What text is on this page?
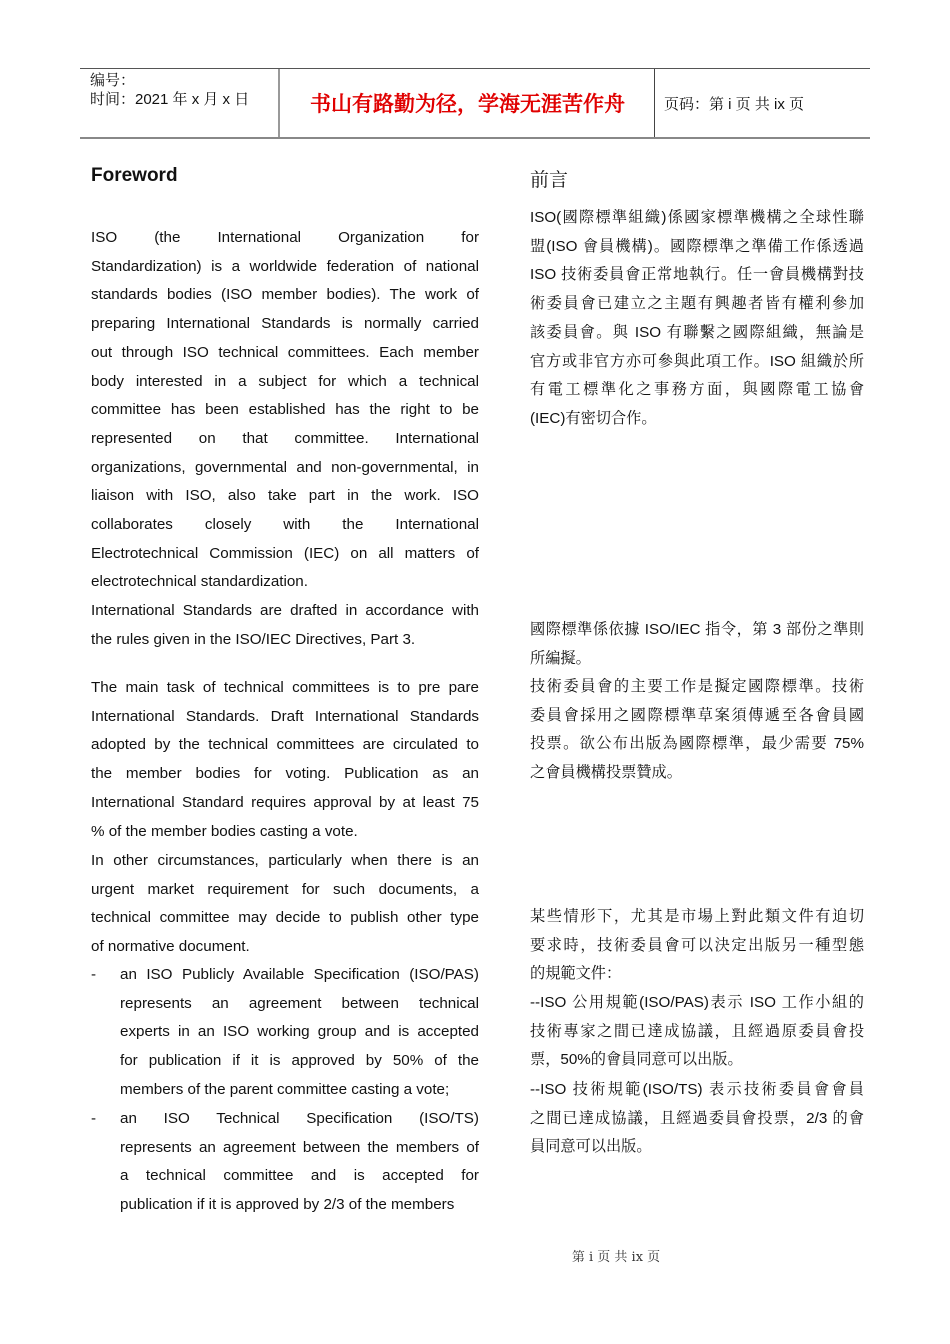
编号：
时间：2021 年 x 月 x 日	书山有路勤为径，学海无涯苦作舟	页码：第 i 页 共 ix 页
Foreword	前言
ISO (the International Organization for
Standardization) is a worldwide federation of national
standards bodies (ISO member bodies). The work of
preparing International Standards is normally carried
out through ISO technical committees. Each member
body interested in a subject for which a technical
committee has been established has the right to be
represented on that committee. International
organizations, governmental and non-governmental, in
liaison with ISO, also take part in the work. ISO
collaborates closely with the International
Electrotechnical Commission (IEC) on all matters of
electrotechnical standardization.
International Standards are drafted in accordance with
the rules given in the ISO/IEC Directives, Part 3.
The main task of technical committees is to pre pare
International Standards. Draft International Standards
adopted by the technical committees are circulated to
the member bodies for voting. Publication as an
International Standard requires approval by at least 75
% of the member bodies casting a vote.
In other circumstances, particularly when there is an
urgent market requirement for such documents, a
technical committee may decide to publish other type
of normative document.
- an ISO Publicly Available Specification (ISO/PAS)
represents an agreement between technical
experts in an ISO working group and is accepted
for publication if it is approved by 50% of the
members of the parent committee casting a vote;
- an ISO Technical Specification (ISO/TS)
represents an agreement between the members of
a technical committee and is accepted for
publication if it is approved by 2/3 of the members
ISO(國際標準組織)係國家標準機構之全球性聯
盟(ISO 會員機構)。國際標準之準備工作係透過
ISO 技術委員會正常地執行。任一會員機構對技
術委員會已建立之主題有興趣者皆有權利參加
該委員會。與 ISO 有聯繫之國際組織，無論是
官方或非官方亦可參與此項工作。ISO 組織於所
有電工標準化之事務方面，與國際電工協會
(IEC)有密切合作。
國際標準係依據 ISO/IEC 指令，第 3 部份之準則
所編擬。
技術委員會的主要工作是擬定國際標準。技術
委員會採用之國際標準草案須傳遞至各會員國
投票。欲公布出版為國際標準，最少需要 75%
之會員機構投票贊成。
某些情形下，尤其是市場上對此類文件有迫切
要求時，技術委員會可以決定出版另一種型態
的規範文件：
--ISO 公用規範(ISO/PAS)表示 ISO 工作小組的
技術專家之間已達成協議，且經過原委員會投
票，50%的會員同意可以出版。
--ISO 技術規範(ISO/TS) 表示技術委員會會員
之間已達成協議，且經過委員會投票，2/3 的會
員同意可以出版。
第 i 页 共 ix 页
